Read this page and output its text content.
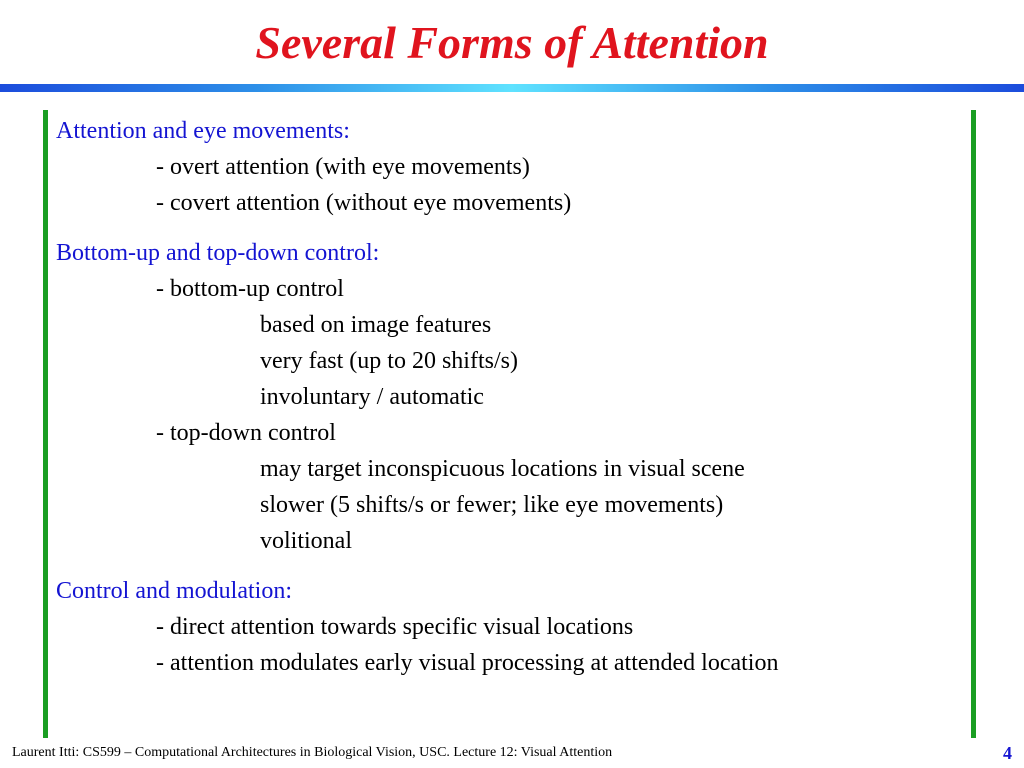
Several Forms of Attention
Attention and eye movements:
- overt attention (with eye movements)
- covert attention (without eye movements)
Bottom-up and top-down control:
- bottom-up control
based on image features
very fast (up to 20 shifts/s)
involuntary / automatic
- top-down control
may target inconspicuous locations in visual scene
slower (5 shifts/s or fewer; like eye movements)
volitional
Control and modulation:
- direct attention towards specific visual locations
- attention modulates early visual processing at attended location
Laurent Itti: CS599 – Computational Architectures in Biological Vision, USC. Lecture 12: Visual Attention	4
